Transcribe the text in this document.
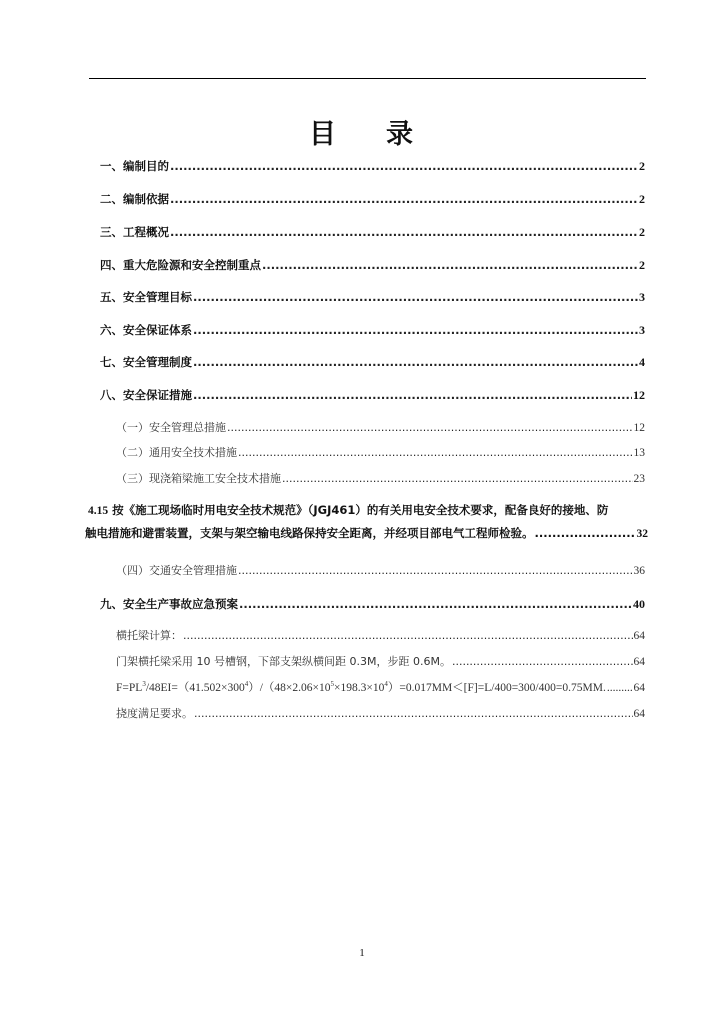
目 录
一、编制目的 .....	2
二、编制依据 .....	2
三、工程概况 .....	2
四、重大危险源和安全控制重点 .....	2
五、安全管理目标 .....	3
六、安全保证体系 .....	3
七、安全管理制度 .....	4
八、安全保证措施 .....	12
（一）安全管理总措施 .....	12
（二）通用安全技术措施 .....	13
（三）现浇箱梁施工安全技术措施 .....	23
4.15 按《施工现场临时用电安全技术规范》（JGJ461）的有关用电安全技术要求，配备良好的接地、防
触电措施和避雷装置，支架与架空输电线路保持安全距离，并经项目部电气工程师检验。 .....	32
（四）交通安全管理措施 .....	36
九、安全生产事故应急预案 .....	40
横托梁计算： .....	64
门架横托梁采用 10 号槽钢，下部支架纵横间距 0.3M，步距 0.6M。 .....	64
$F=PL^3/48EI=(41.502\times 300^4)/(48\times 2.06\times 10^5\times 198.3\times 10^4)=0.017MM<[F]=L/400=300/400=0.75MM$. ..... 64
挠度满足要求。 .....	64
1
